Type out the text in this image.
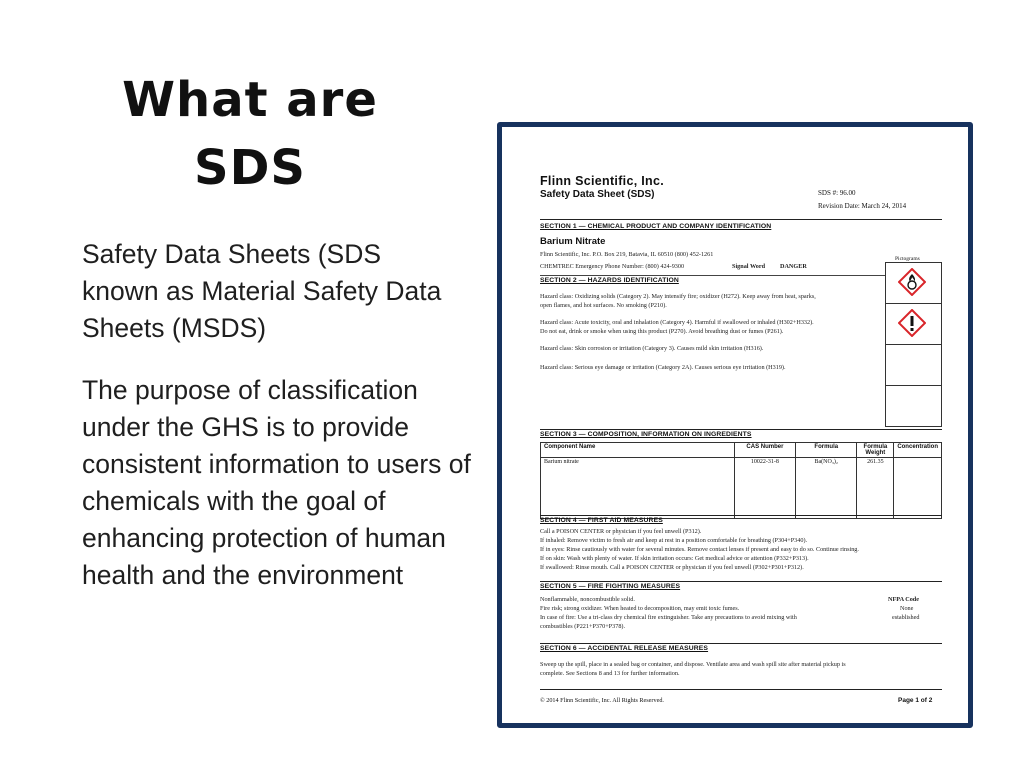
What are
SDS

Safety Data Sheets (SDS known as Material Safety Data Sheets (MSDS)

The purpose of classification under the GHS is to provide consistent information to users of chemicals with the goal of enhancing protection of human health and the environment

Flinn Scientific, Inc.
Safety Data Sheet (SDS)	SDS #: 96.00
Revision Date: March 24, 2014
SECTION 1 — CHEMICAL PRODUCT AND COMPANY IDENTIFICATION
Barium Nitrate
Flinn Scientific, Inc. P.O. Box 219, Batavia, IL 60510 (800) 452-1261
CHEMTREC Emergency Phone Number: (800) 424-9300	Signal Word DANGER
Pictograms
SECTION 2 — HAZARDS IDENTIFICATION
Hazard class: Oxidizing solids (Category 2). May intensify fire; oxidizer (H272). Keep away from heat, sparks,
open flames, and hot surfaces. No smoking (P210).
Hazard class: Acute toxicity, oral and inhalation (Category 4). Harmful if swallowed or inhaled (H302+H332).
Do not eat, drink or smoke when using this product (P270). Avoid breathing dust or fumes (P261).
Hazard class: Skin corrosion or irritation (Category 3). Causes mild skin irritation (H316).
Hazard class: Serious eye damage or irritation (Category 2A). Causes serious eye irritation (H319).
SECTION 3 — COMPOSITION, INFORMATION ON INGREDIENTS
Component Name	CAS Number	Formula	Formula Weight	Concentration
Barium nitrate	10022-31-8	Ba(NO₃)₂	261.35	
SECTION 4 — FIRST AID MEASURES
Call a POISON CENTER or physician if you feel unwell (P312).
If inhaled: Remove victim to fresh air and keep at rest in a position comfortable for breathing (P304+P340).
If in eyes: Rinse cautiously with water for several minutes. Remove contact lenses if present and easy to do so. Continue rinsing.
If on skin: Wash with plenty of water. If skin irritation occurs: Get medical advice or attention (P332+P313).
If swallowed: Rinse mouth. Call a POISON CENTER or physician if you feel unwell (P302+P301+P312).
SECTION 5 — FIRE FIGHTING MEASURES
Nonflammable, noncombustible solid.
Fire risk; strong oxidizer. When heated to decomposition, may emit toxic fumes.
In case of fire: Use a tri-class dry chemical fire extinguisher. Take any precautions to avoid mixing with
combustibles (P221+P370+P378).
NFPA Code
None
established
SECTION 6 — ACCIDENTAL RELEASE MEASURES
Sweep up the spill, place in a sealed bag or container, and dispose. Ventilate area and wash spill site after material pickup is
complete. See Sections 8 and 13 for further information.
© 2014 Flinn Scientific, Inc. All Rights Reserved.	Page 1 of 2
